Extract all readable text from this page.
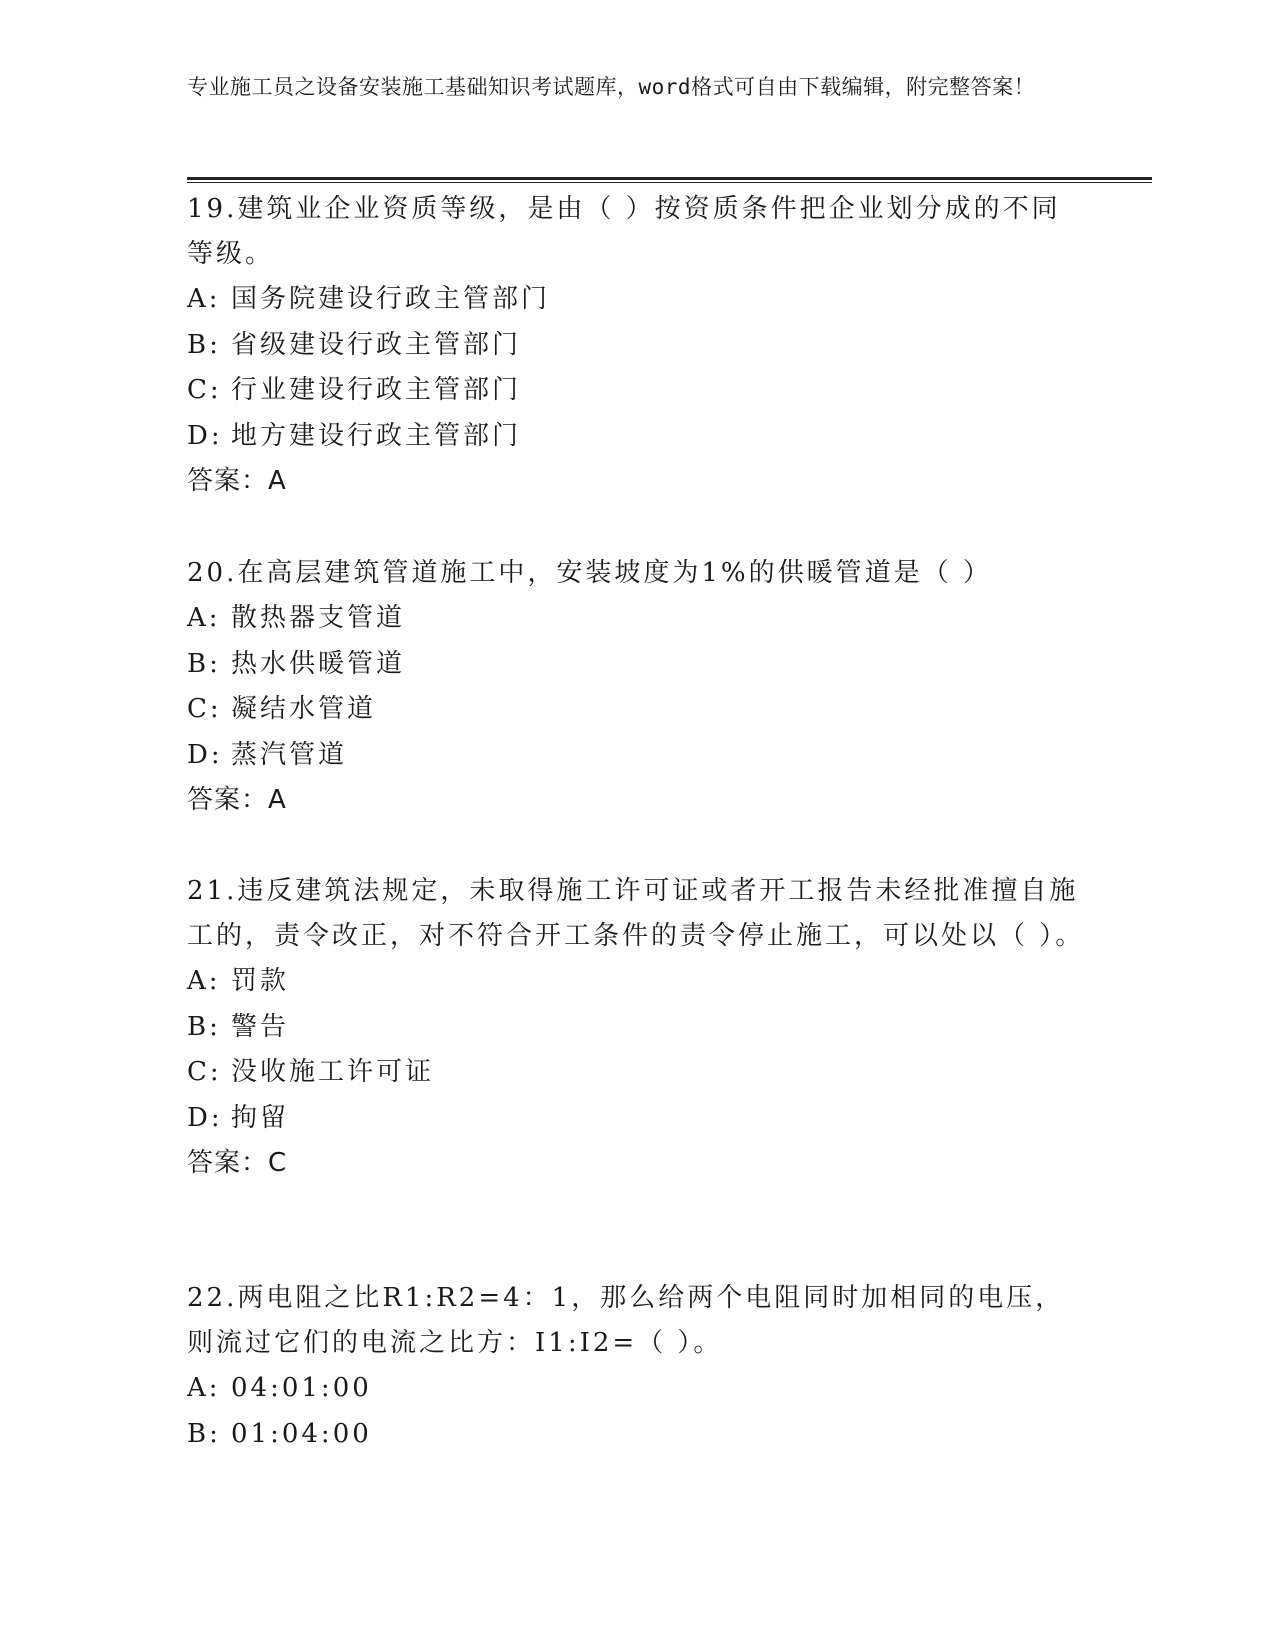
专业施工员之设备安装施工基础知识考试题库，word格式可自由下载编辑，附完整答案！

19.建筑业企业资质等级，是由（ ）按资质条件把企业划分成的不同等级。

A: 国务院建设行政主管部门

B: 省级建设行政主管部门

C: 行业建设行政主管部门

D: 地方建设行政主管部门

答案：A

20.在高层建筑管道施工中，安装坡度为1%的供暖管道是（ ）

A: 散热器支管道

B: 热水供暖管道

C: 凝结水管道

D: 蒸汽管道

答案：A

21.违反建筑法规定，未取得施工许可证或者开工报告未经批准擅自施工的，责令改正，对不符合开工条件的责令停止施工，可以处以（ ）。

A: 罚款

B: 警告

C: 没收施工许可证

D: 拘留

答案：C

22.两电阻之比R1:R2=4：1，那么给两个电阻同时加相同的电压，则流过它们的电流之比方：I1:I2=（ ）。

A: 04:01:00

B: 01:04:00
